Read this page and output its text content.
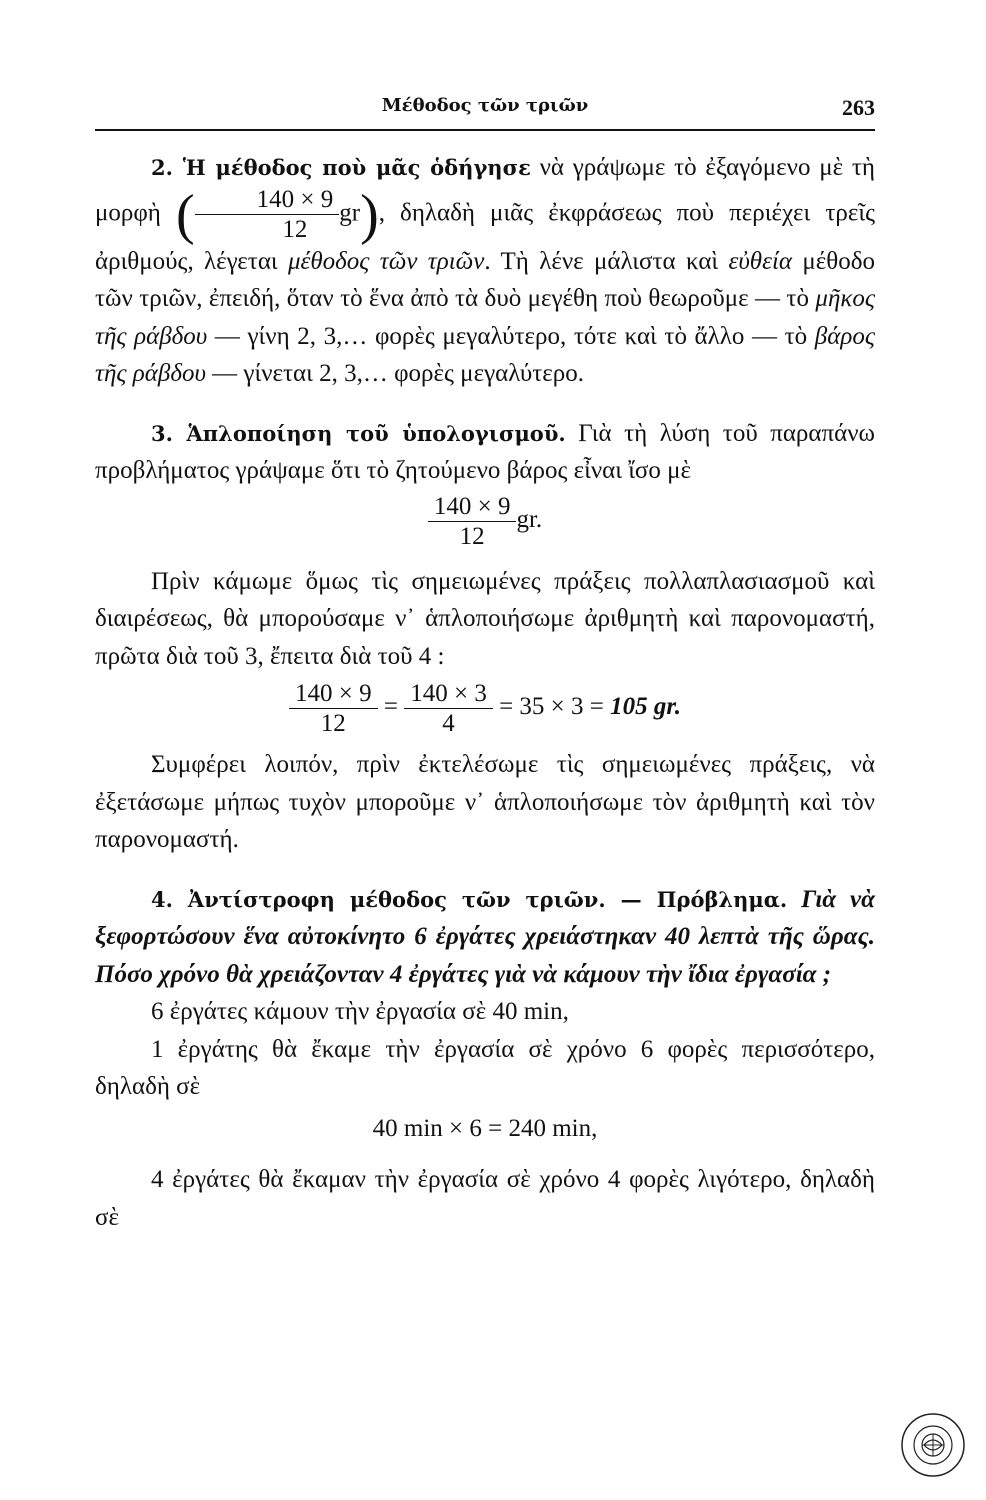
Μέθοδος τῶν τριῶν	263

2. Ἡ μέθοδος ποὺ μᾶς ὁδήγησε νὰ γράψωμε τὸ ἐξαγόμενο μὲ τὴ μορφὴ ( $\frac{140 \times 9}{12} gr$), δηλαδὴ μιᾶς ἐκφράσεως ποὺ περιέχει τρεῖς ἀριθμούς, λέγεται μέθοδος τῶν τριῶν. Τὴ λένε μάλιστα καὶ εὐθεία μέθοδο τῶν τριῶν, ἐπειδή, ὅταν τὸ ἕνα ἀπὸ τὰ δυὸ μεγέθη ποὺ θεωροῦμε — τὸ μῆκος τῆς ράβδου — γίνη 2, 3,… φορὲς μεγαλύτερο, τότε καὶ τὸ ἄλλο — τὸ βάρος τῆς ράβδου — γίνεται 2, 3,… φορὲς μεγαλύτερο.

3. Ἁπλοποίηση τοῦ ὑπολογισμοῦ. Γιὰ τὴ λύση τοῦ παραπάνω προβλήματος γράψαμε ὅτι τὸ ζητούμενο βάρος εἶναι ἴσο μὲ

$\frac{140 \times 9}{12}$ gr.

Πρὶν κάμωμε ὅμως τὶς σημειωμένες πράξεις πολλαπλασιασμοῦ καὶ διαιρέσεως, θὰ μπορούσαμε ν᾽ ἁπλοποιήσωμε ἀριθμητὴ καὶ παρονομαστή, πρῶτα διὰ τοῦ 3, ἔπειτα διὰ τοῦ 4 :

$\frac{140 \times 9}{12} = \frac{140 \times 3}{4} = 35 \times 3 = 105$ gr.

Συμφέρει λοιπόν, πρὶν ἐκτελέσωμε τὶς σημειωμένες πράξεις, νὰ ἐξετάσωμε μήπως τυχὸν μποροῦμε ν᾽ ἁπλοποιήσωμε τὸν ἀριθμητὴ καὶ τὸν παρονομαστή.

4. Ἀντίστροφη μέθοδος τῶν τριῶν. — Πρόβλημα. Γιὰ νὰ ξεφορτώσουν ἕνα αὐτοκίνητο 6 ἐργάτες χρειάστηκαν 40 λεπτὰ τῆς ὥρας. Πόσο χρόνο θὰ χρειάζονταν 4 ἐργάτες γιὰ νὰ κάμουν τὴν ἴδια ἐργασία ;

6 ἐργάτες κάμουν τὴν ἐργασία σὲ 40 min,

1 ἐργάτης θὰ ἔκαμε τὴν ἐργασία σὲ χρόνο 6 φορὲς περισσότερο, δηλαδὴ σὲ

40 min × 6 = 240 min,

4 ἐργάτες θὰ ἔκαμαν τὴν ἐργασία σὲ χρόνο 4 φορὲς λιγότερο, δηλαδὴ σὲ
